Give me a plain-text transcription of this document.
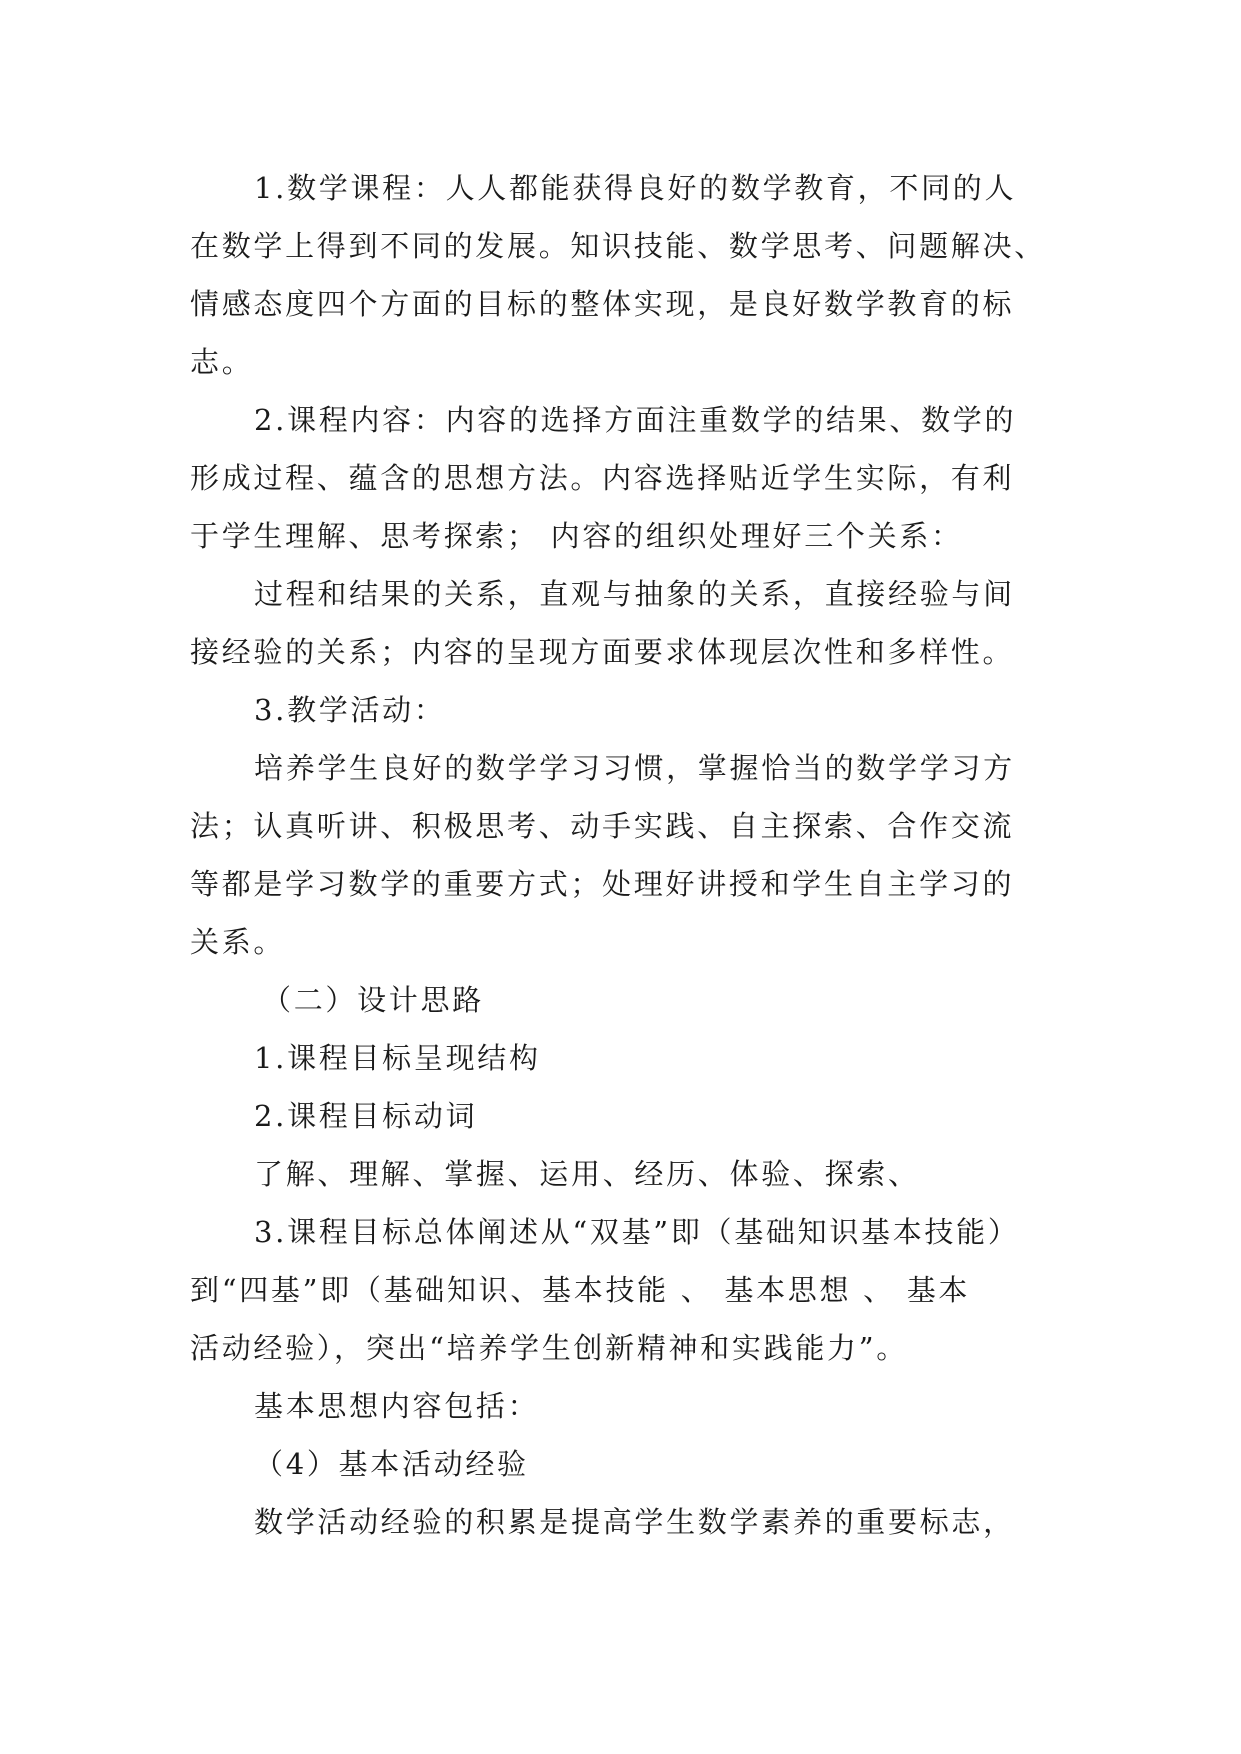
1.数学课程：人人都能获得良好的数学教育，不同的人
在数学上得到不同的发展。知识技能、数学思考、问题解决、
情感态度四个方面的目标的整体实现，是良好数学教育的标
志。
2.课程内容：内容的选择方面注重数学的结果、数学的
形成过程、蕴含的思想方法。内容选择贴近学生实际，有利
于学生理解、思考探索； 内容的组织处理好三个关系：
过程和结果的关系，直观与抽象的关系，直接经验与间
接经验的关系；内容的呈现方面要求体现层次性和多样性。
3.教学活动：
培养学生良好的数学学习习惯，掌握恰当的数学学习方
法；认真听讲、积极思考、动手实践、自主探索、合作交流
等都是学习数学的重要方式；处理好讲授和学生自主学习的
关系。
（二）设计思路
1.课程目标呈现结构
2.课程目标动词
了解、理解、掌握、运用、经历、体验、探索、
3.课程目标总体阐述从“双基”即（基础知识基本技能）
到“四基”即（基础知识、基本技能 、 基本思想 、 基本
活动经验），突出“培养学生创新精神和实践能力”。
基本思想内容包括：
（4）基本活动经验
数学活动经验的积累是提高学生数学素养的重要标志，
